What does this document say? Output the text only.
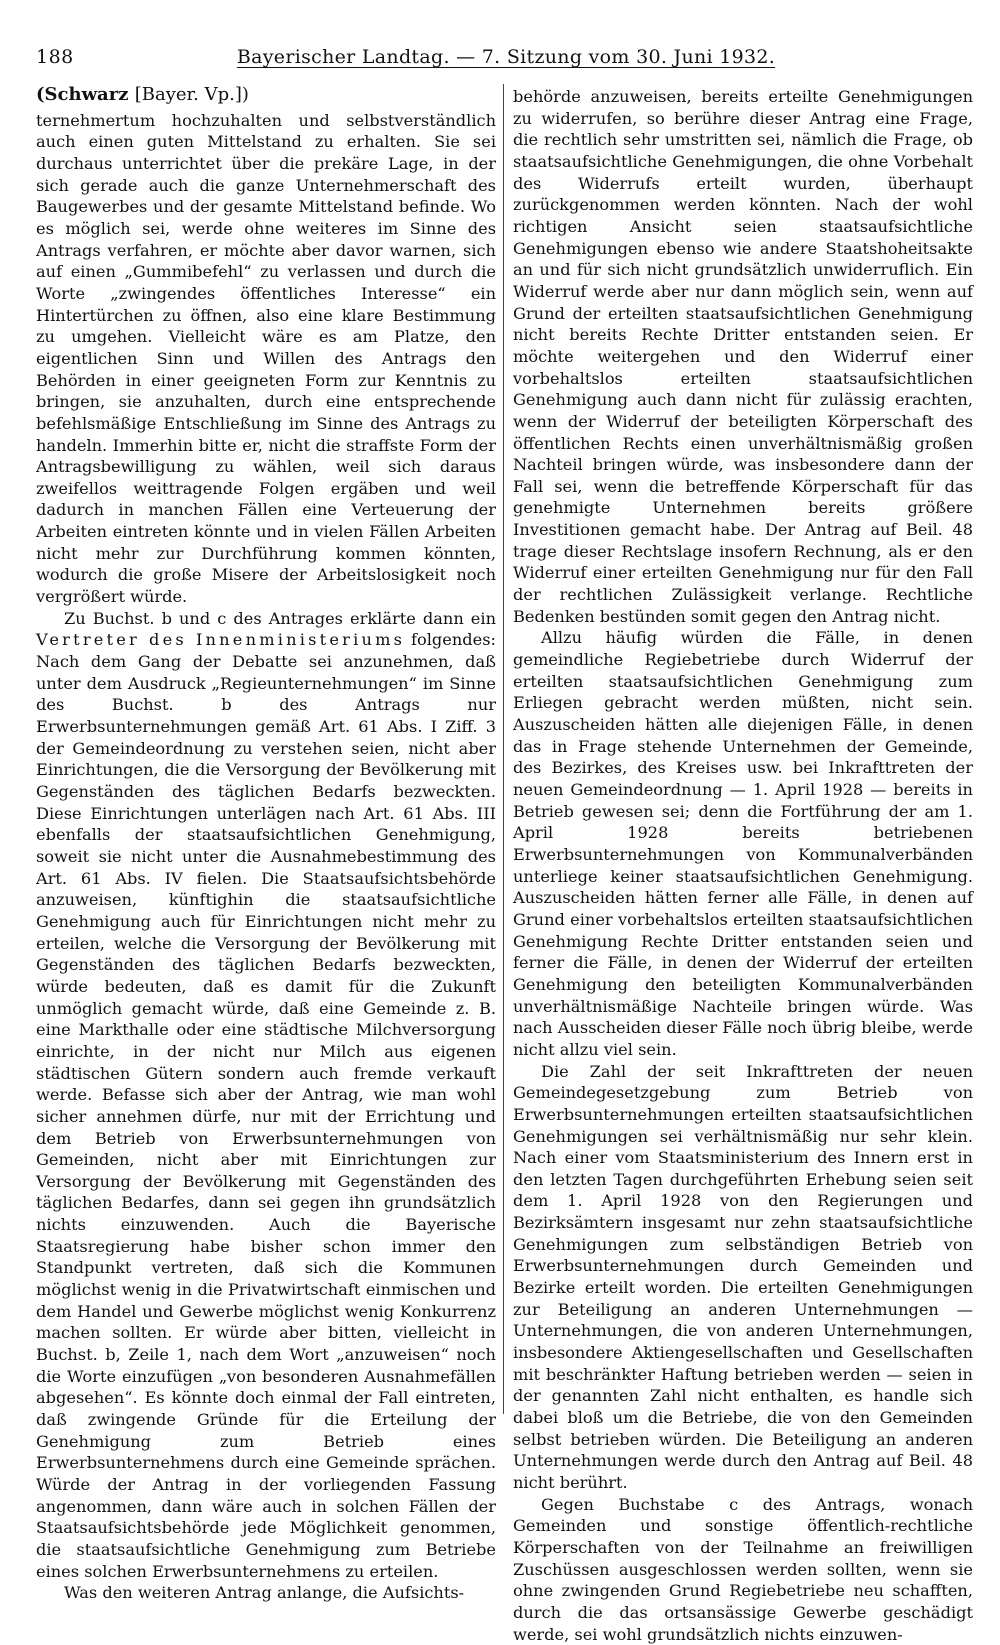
188	Bayerischer Landtag. — 7. Sitzung vom 30. Juni 1932.
(Schwarz [Bayer. Vp.])

ternehmertum hochzuhalten und selbstverständlich auch einen guten Mittelstand zu erhalten. Sie sei durchaus unterrichtet über die prekäre Lage, in der sich gerade auch die ganze Unternehmerschaft des Baugewerbes und der gesamte Mittelstand befinde. Wo es möglich sei, werde ohne weiteres im Sinne des Antrags verfahren, er möchte aber davor warnen, sich auf einen „Gummibefehl“ zu verlassen und durch die Worte „zwingendes öffentliches Interesse“ ein Hintertürchen zu öffnen, also eine klare Bestimmung zu umgehen. Vielleicht wäre es am Platze, den eigentlichen Sinn und Willen des Antrags den Behörden in einer geeigneten Form zur Kenntnis zu bringen, sie anzuhalten, durch eine entsprechende befehlsmäßige Entschließung im Sinne des Antrags zu handeln. Immerhin bitte er, nicht die straffste Form der Antragsbewilligung zu wählen, weil sich daraus zweifellos weittragende Folgen ergäben und weil dadurch in manchen Fällen eine Verteuerung der Arbeiten eintreten könnte und in vielen Fällen Arbeiten nicht mehr zur Durchführung kommen könnten, wodurch die große Misere der Arbeitslosigkeit noch vergrößert würde.

Zu Buchst. b und c des Antrages erklärte dann ein Vertreter des Innenministeriums folgendes: Nach dem Gang der Debatte sei anzunehmen, daß unter dem Ausdruck „Regieunternehmungen“ im Sinne des Buchst. b des Antrags nur Erwerbsunternehmungen gemäß Art. 61 Abs. I Ziff. 3 der Gemeindeordnung zu verstehen seien, nicht aber Einrichtungen, die die Versorgung der Bevölkerung mit Gegenständen des täglichen Bedarfs bezweckten. Diese Einrichtungen unterlägen nach Art. 61 Abs. III ebenfalls der staatsaufsichtlichen Genehmigung, soweit sie nicht unter die Ausnahmebestimmung des Art. 61 Abs. IV fielen. Die Staatsaufsichtsbehörde anzuweisen, künftighin die staatsaufsichtliche Genehmigung auch für Einrichtungen nicht mehr zu erteilen, welche die Versorgung der Bevölkerung mit Gegenständen des täglichen Bedarfs bezweckten, würde bedeuten, daß es damit für die Zukunft unmöglich gemacht würde, daß eine Gemeinde z. B. eine Markthalle oder eine städtische Milchversorgung einrichte, in der nicht nur Milch aus eigenen städtischen Gütern sondern auch fremde verkauft werde. Befasse sich aber der Antrag, wie man wohl sicher annehmen dürfe, nur mit der Errichtung und dem Betrieb von Erwerbsunternehmungen von Gemeinden, nicht aber mit Einrichtungen zur Versorgung der Bevölkerung mit Gegenständen des täglichen Bedarfes, dann sei gegen ihn grundsätzlich nichts einzuwenden. Auch die Bayerische Staatsregierung habe bisher schon immer den Standpunkt vertreten, daß sich die Kommunen möglichst wenig in die Privatwirtschaft einmischen und dem Handel und Gewerbe möglichst wenig Konkurrenz machen sollten. Er würde aber bitten, vielleicht in Buchst. b, Zeile 1, nach dem Wort „anzuweisen“ noch die Worte einzufügen „von besonderen Ausnahmefällen abgesehen“. Es könnte doch einmal der Fall eintreten, daß zwingende Gründe für die Erteilung der Genehmigung zum Betrieb eines Erwerbsunternehmens durch eine Gemeinde sprächen. Würde der Antrag in der vorliegenden Fassung angenommen, dann wäre auch in solchen Fällen der Staatsaufsichtsbehörde jede Möglichkeit genommen, die staatsaufsichtliche Genehmigung zum Betriebe eines solchen Erwerbsunternehmens zu erteilen.

Was den weiteren Antrag anlange, die Aufsichts-

behörde anzuweisen, bereits erteilte Genehmigungen zu widerrufen, so berühre dieser Antrag eine Frage, die rechtlich sehr umstritten sei, nämlich die Frage, ob staatsaufsichtliche Genehmigungen, die ohne Vorbehalt des Widerrufs erteilt wurden, überhaupt zurückgenommen werden könnten. Nach der wohl richtigen Ansicht seien staatsaufsichtliche Genehmigungen ebenso wie andere Staatshoheitsakte an und für sich nicht grundsätzlich unwiderruflich. Ein Widerruf werde aber nur dann möglich sein, wenn auf Grund der erteilten staatsaufsichtlichen Genehmigung nicht bereits Rechte Dritter entstanden seien. Er möchte weitergehen und den Widerruf einer vorbehaltslos erteilten staatsaufsichtlichen Genehmigung auch dann nicht für zulässig erachten, wenn der Widerruf der beteiligten Körperschaft des öffentlichen Rechts einen unverhältnismäßig großen Nachteil bringen würde, was insbesondere dann der Fall sei, wenn die betreffende Körperschaft für das genehmigte Unternehmen bereits größere Investitionen gemacht habe. Der Antrag auf Beil. 48 trage dieser Rechtslage insofern Rechnung, als er den Widerruf einer erteilten Genehmigung nur für den Fall der rechtlichen Zulässigkeit verlange. Rechtliche Bedenken bestünden somit gegen den Antrag nicht.

Allzu häufig würden die Fälle, in denen gemeindliche Regiebetriebe durch Widerruf der erteilten staatsaufsichtlichen Genehmigung zum Erliegen gebracht werden müßten, nicht sein. Auszuscheiden hätten alle diejenigen Fälle, in denen das in Frage stehende Unternehmen der Gemeinde, des Bezirkes, des Kreises usw. bei Inkrafttreten der neuen Gemeindeordnung — 1. April 1928 — bereits in Betrieb gewesen sei; denn die Fortführung der am 1. April 1928 bereits betriebenen Erwerbsunternehmungen von Kommunalverbänden unterliege keiner staatsaufsichtlichen Genehmigung. Auszuscheiden hätten ferner alle Fälle, in denen auf Grund einer vorbehaltslos erteilten staatsaufsichtlichen Genehmigung Rechte Dritter entstanden seien und ferner die Fälle, in denen der Widerruf der erteilten Genehmigung den beteiligten Kommunalverbänden unverhältnismäßige Nachteile bringen würde. Was nach Ausscheiden dieser Fälle noch übrig bleibe, werde nicht allzu viel sein.

Die Zahl der seit Inkrafttreten der neuen Gemeindegesetzgebung zum Betrieb von Erwerbsunternehmungen erteilten staatsaufsichtlichen Genehmigungen sei verhältnismäßig nur sehr klein. Nach einer vom Staatsministerium des Innern erst in den letzten Tagen durchgeführten Erhebung seien seit dem 1. April 1928 von den Regierungen und Bezirksämtern insgesamt nur zehn staatsaufsichtliche Genehmigungen zum selbständigen Betrieb von Erwerbsunternehmungen durch Gemeinden und Bezirke erteilt worden. Die erteilten Genehmigungen zur Beteiligung an anderen Unternehmungen — Unternehmungen, die von anderen Unternehmungen, insbesondere Aktiengesellschaften und Gesellschaften mit beschränkter Haftung betrieben werden — seien in der genannten Zahl nicht enthalten, es handle sich dabei bloß um die Betriebe, die von den Gemeinden selbst betrieben würden. Die Beteiligung an anderen Unternehmungen werde durch den Antrag auf Beil. 48 nicht berührt.

Gegen Buchstabe c des Antrags, wonach Gemeinden und sonstige öffentlich-rechtliche Körperschaften von der Teilnahme an freiwilligen Zuschüssen ausgeschlossen werden sollten, wenn sie ohne zwingenden Grund Regiebetriebe neu schafften, durch die das ortsansässige Gewerbe geschädigt werde, sei wohl grundsätzlich nichts einzuwen-
